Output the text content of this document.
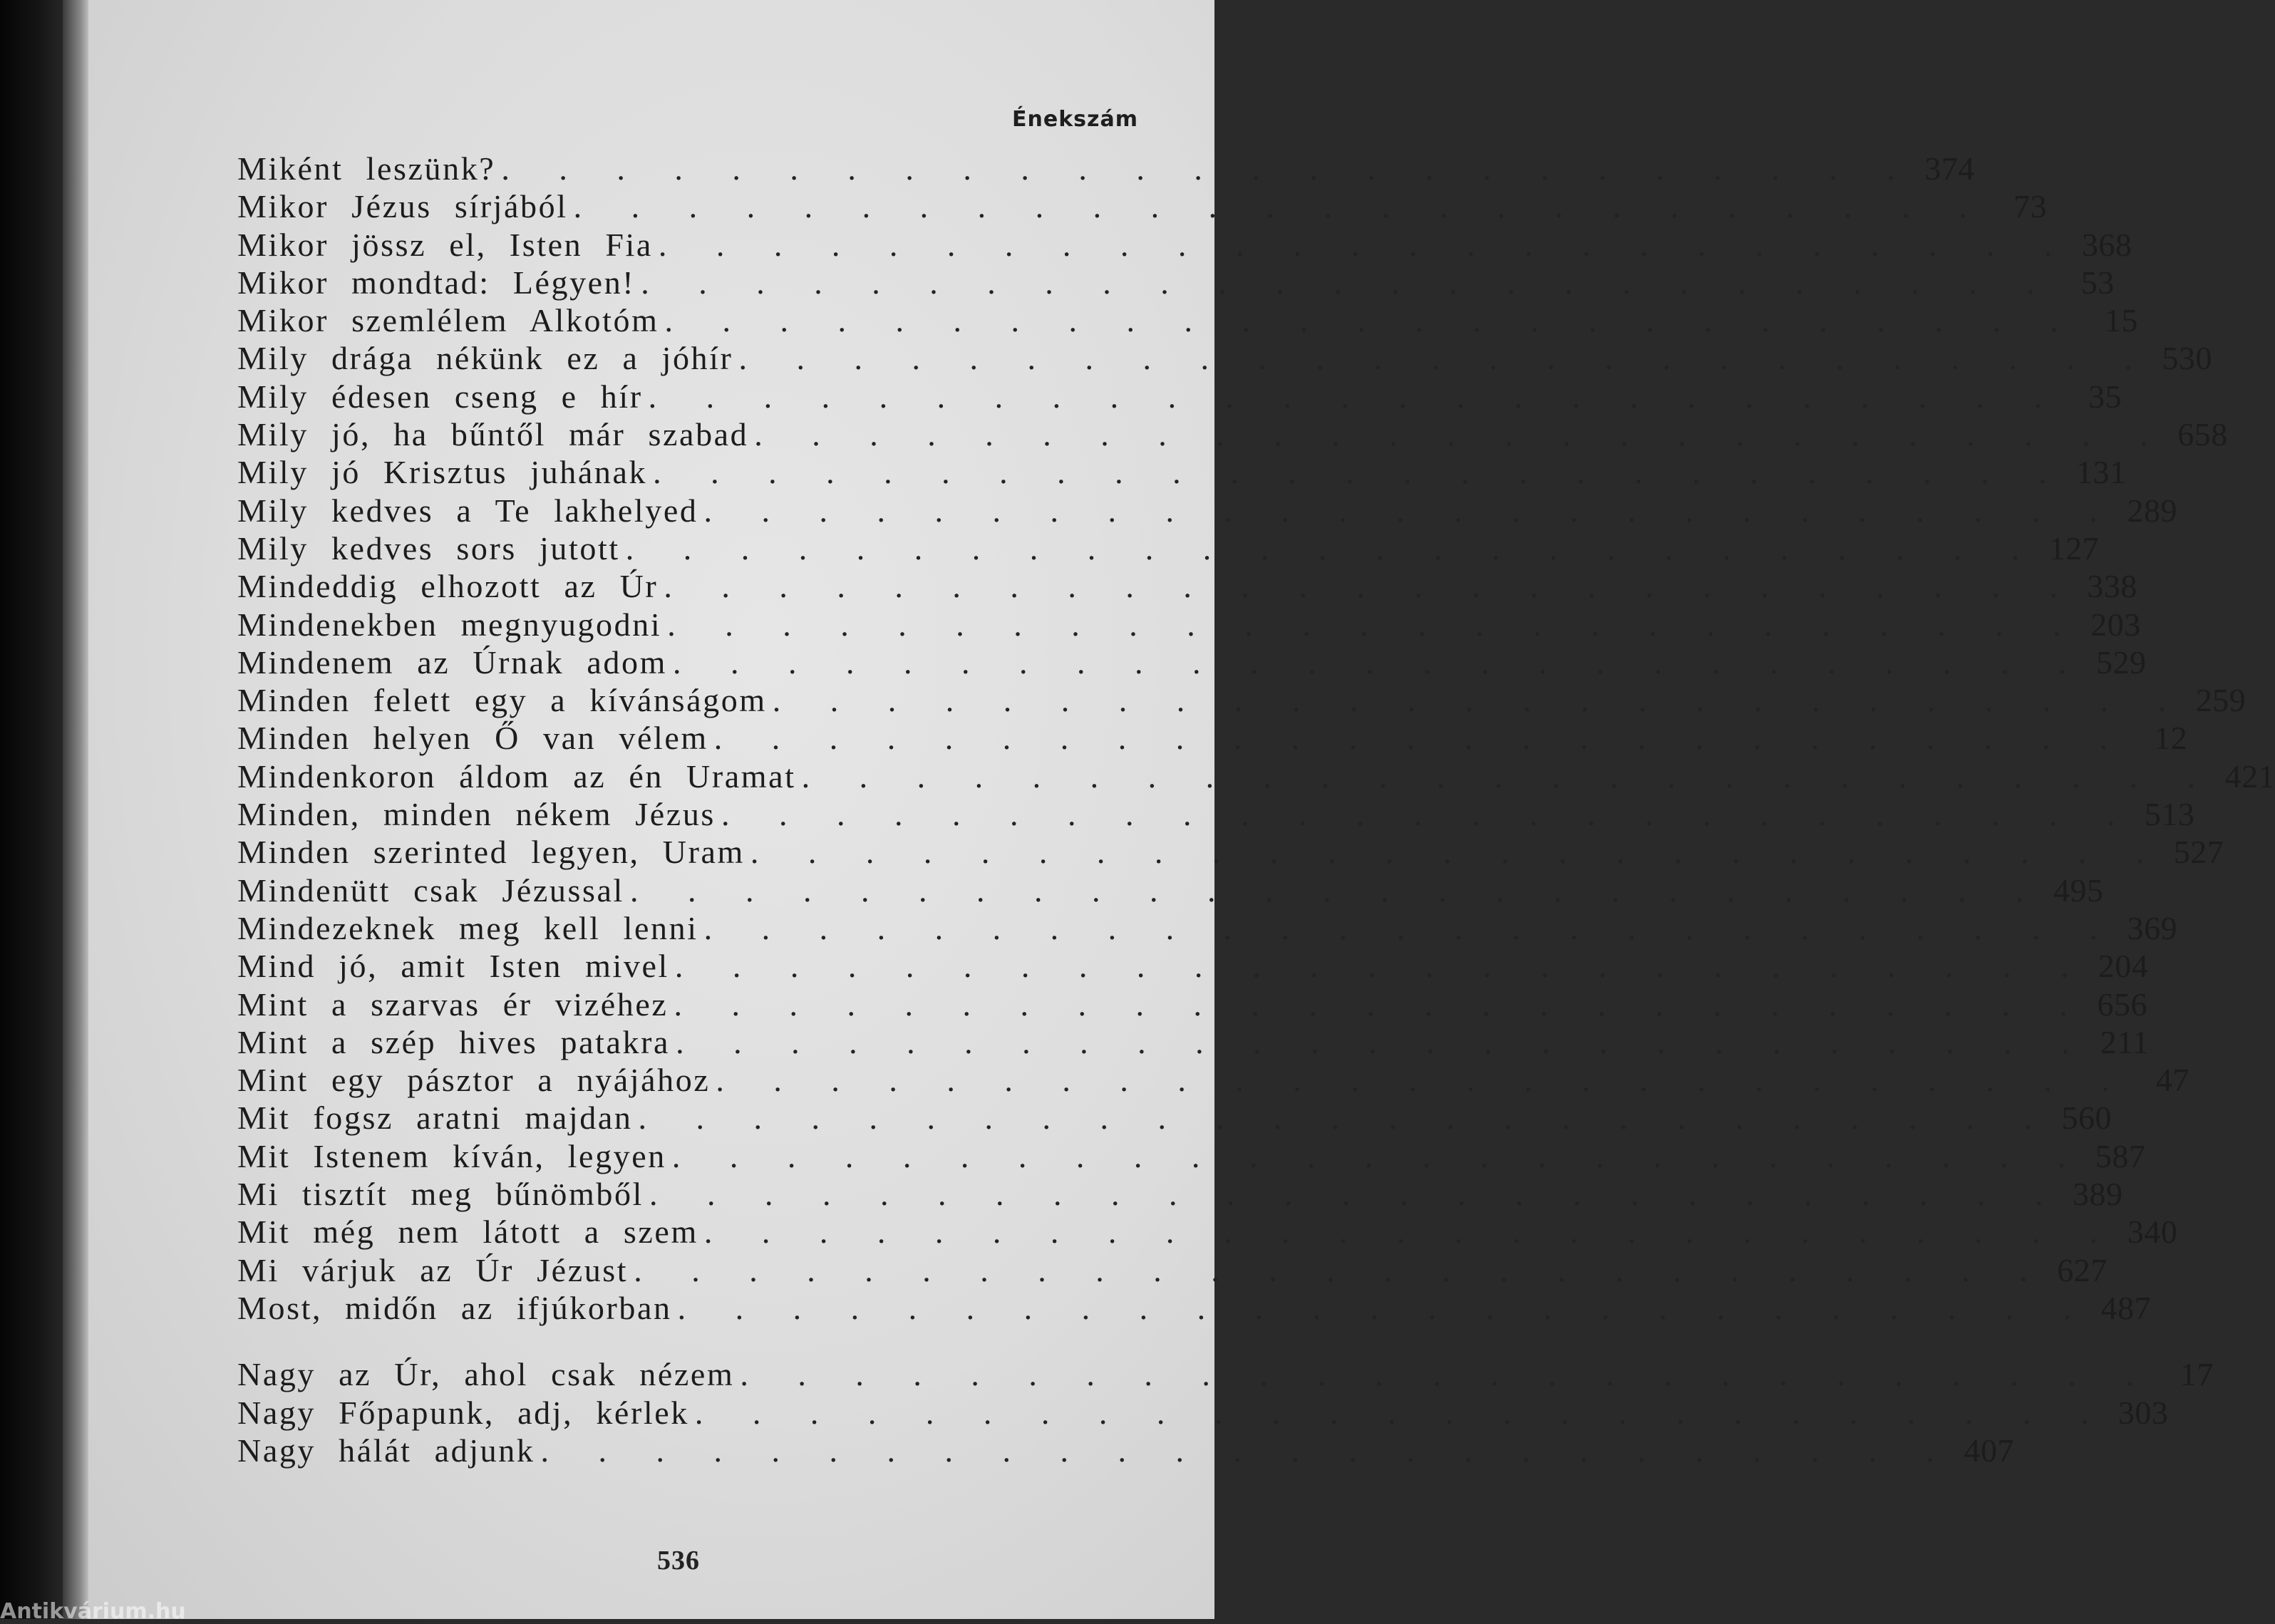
Énekszám
Miként leszünk? . . . . . . . . . . . . . . . . . . . . . . . . . 374
Mikor Jézus sírjából . . . . . . . . . . . . . . . . . . . . . . . . . 73
Mikor jössz el, Isten Fia . . . . . . . . . . . . . . . . . . . . . . . . . 368
Mikor mondtad: Légyen! . . . . . . . . . . . . . . . . . . . . . . . . . 53
Mikor szemlélem Alkotóm . . . . . . . . . . . . . . . . . . . . . . . . . 15
Mily drága nékünk ez a jóhír . . . . . . . . . . . . . . . . . . . . . . . . . 530
Mily édesen cseng e hír . . . . . . . . . . . . . . . . . . . . . . . . . 35
Mily jó, ha bűntől már szabad . . . . . . . . . . . . . . . . . . . . . . . . . 658
Mily jó Krisztus juhának . . . . . . . . . . . . . . . . . . . . . . . . . 131
Mily kedves a Te lakhelyed . . . . . . . . . . . . . . . . . . . . . . . . . 289
Mily kedves sors jutott . . . . . . . . . . . . . . . . . . . . . . . . . 127
Mindeddig elhozott az Úr . . . . . . . . . . . . . . . . . . . . . . . . . 338
Mindenekben megnyugodni . . . . . . . . . . . . . . . . . . . . . . . . . 203
Mindenem az Úrnak adom . . . . . . . . . . . . . . . . . . . . . . . . . 529
Minden felett egy a kívánságom . . . . . . . . . . . . . . . . . . . . . . . . . 259
Minden helyen Ő van vélem . . . . . . . . . . . . . . . . . . . . . . . . . 12
Mindenkoron áldom az én Uramat . . . . . . . . . . . . . . . . . . . . . . . . . 421
Minden, minden nékem Jézus . . . . . . . . . . . . . . . . . . . . . . . . . 513
Minden szerinted legyen, Uram . . . . . . . . . . . . . . . . . . . . . . . . . 527
Mindenütt csak Jézussal . . . . . . . . . . . . . . . . . . . . . . . . . 495
Mindezeknek meg kell lenni . . . . . . . . . . . . . . . . . . . . . . . . . 369
Mind jó, amit Isten mivel . . . . . . . . . . . . . . . . . . . . . . . . . 204
Mint a szarvas ér vizéhez . . . . . . . . . . . . . . . . . . . . . . . . . 656
Mint a szép hives patakra . . . . . . . . . . . . . . . . . . . . . . . . . 211
Mint egy pásztor a nyájához . . . . . . . . . . . . . . . . . . . . . . . . . 47
Mit fogsz aratni majdan . . . . . . . . . . . . . . . . . . . . . . . . . 560
Mit Istenem kíván, legyen . . . . . . . . . . . . . . . . . . . . . . . . . 587
Mi tisztít meg bűnömből . . . . . . . . . . . . . . . . . . . . . . . . . 389
Mit még nem látott a szem . . . . . . . . . . . . . . . . . . . . . . . . . 340
Mi várjuk az Úr Jézust . . . . . . . . . . . . . . . . . . . . . . . . . 627
Most, midőn az ifjúkorban . . . . . . . . . . . . . . . . . . . . . . . . . 487
Nagy az Úr, ahol csak nézem . . . . . . . . . . . . . . . . . . . . . . . . . 17
Nagy Főpapunk, adj, kérlek . . . . . . . . . . . . . . . . . . . . . . . . . 303
Nagy hálát adjunk . . . . . . . . . . . . . . . . . . . . . . . . . 407
536
Antikvárium.hu
